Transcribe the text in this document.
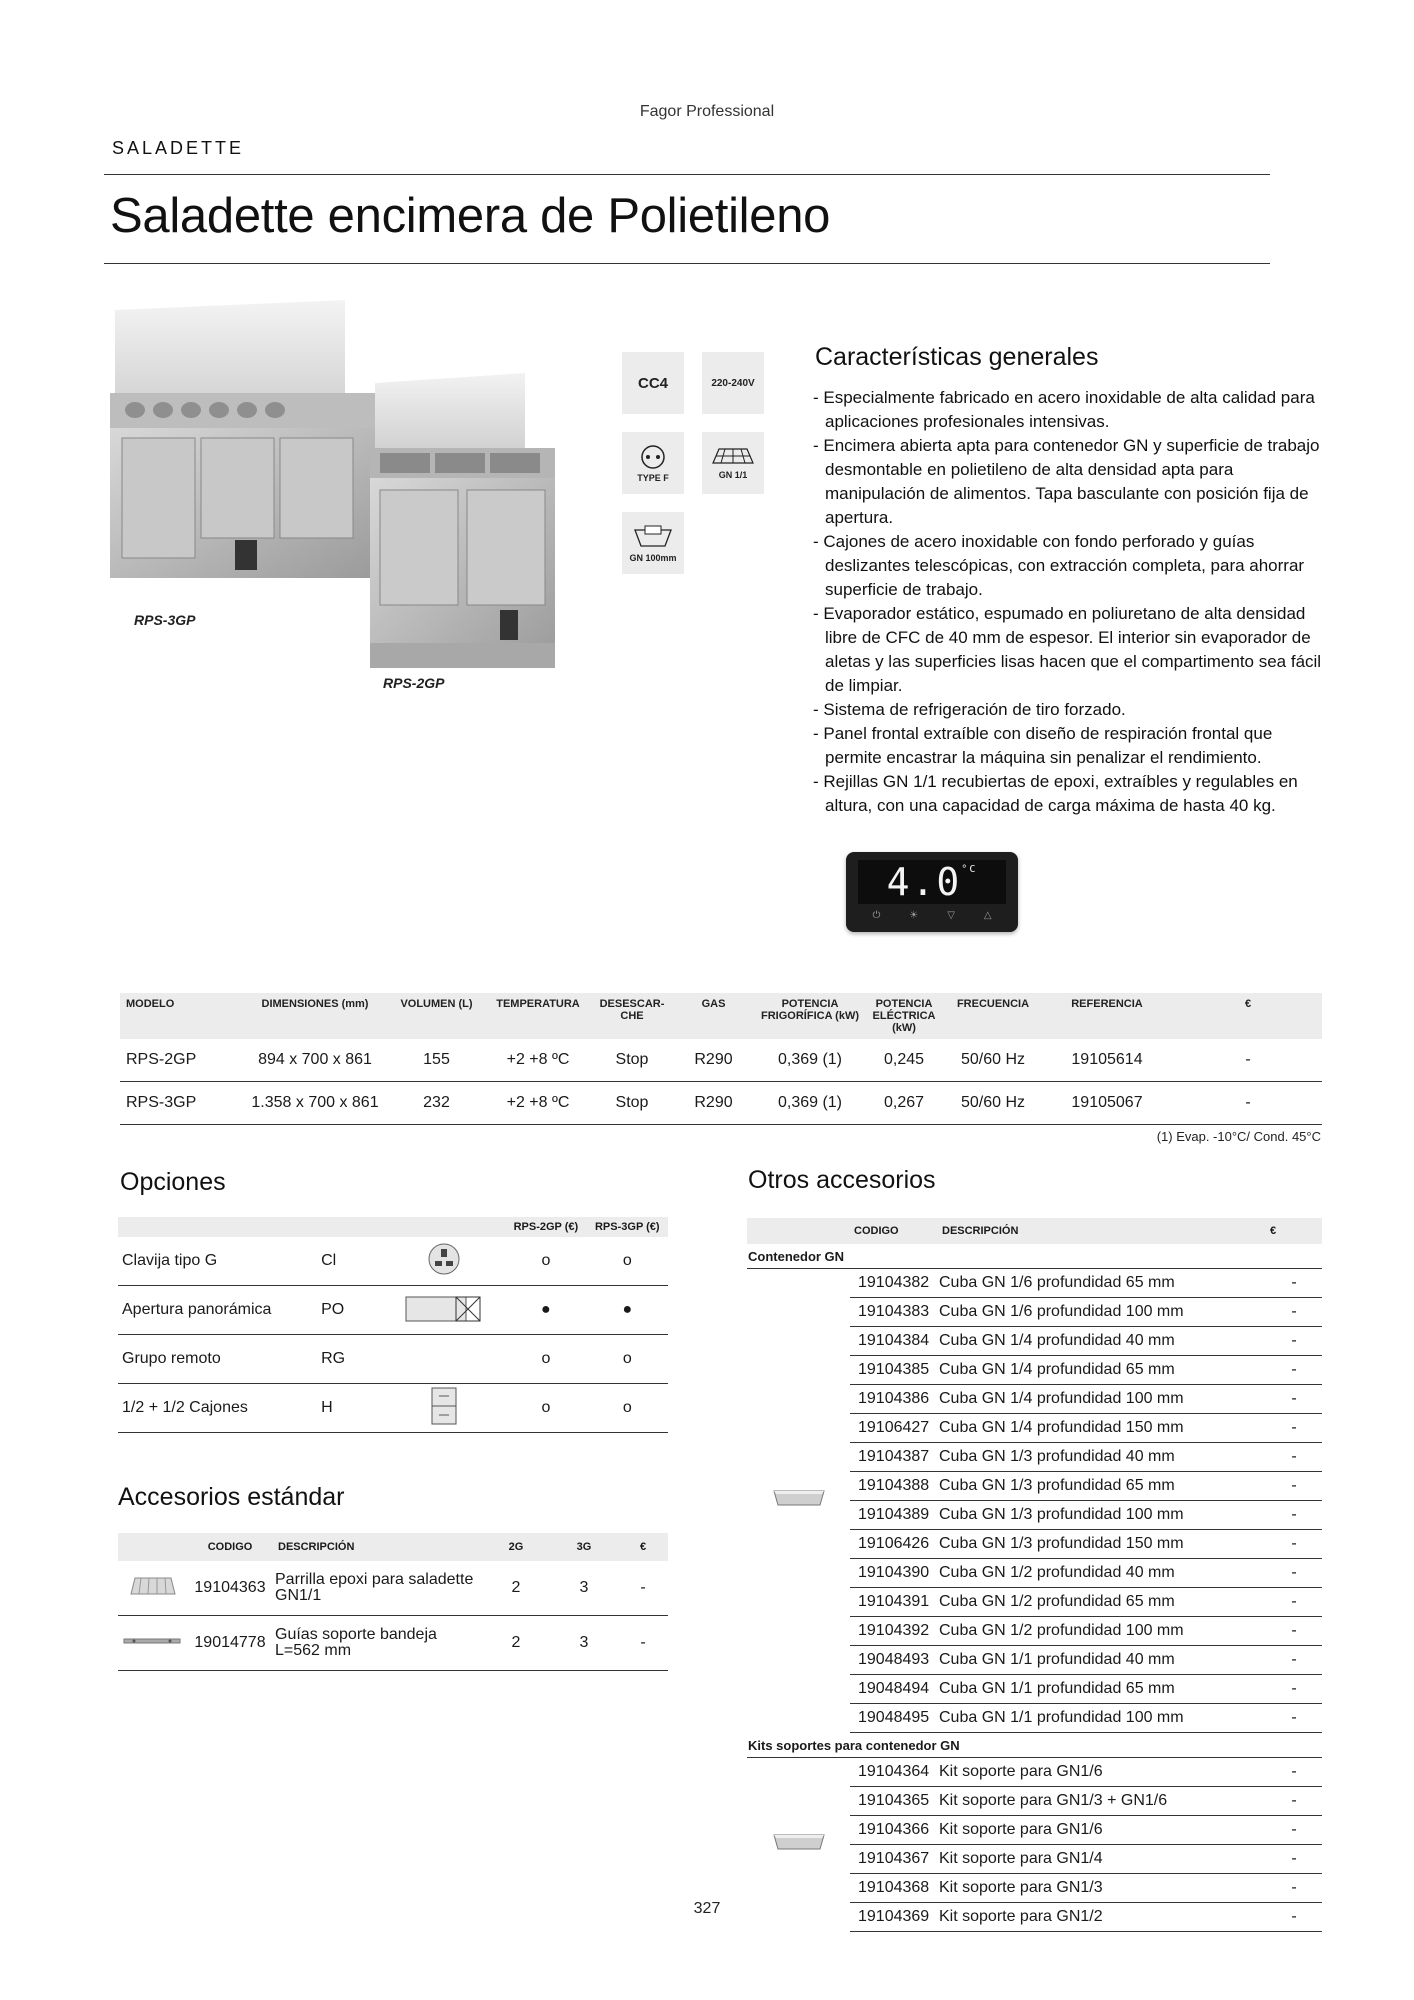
Fagor Professional
SALADETTE
Saladette encimera de Polietileno
RPS-3GP
RPS-2GP
CC4	220-240V
TYPE F	GN 1/1
GN 100mm
Características generales
- Especialmente fabricado en acero inoxidable de alta calidad para aplicaciones profesionales intensivas.
- Encimera abierta apta para contenedor GN y superficie de trabajo desmontable en polietileno de alta densidad apta para manipulación de alimentos. Tapa basculante con posición fija de apertura.
- Cajones de acero inoxidable con fondo perforado y guías deslizantes telescópicas, con extracción completa, para ahorrar superficie de trabajo.
- Evaporador estático, espumado en poliuretano de alta densidad libre de CFC de 40 mm de espesor. El interior sin evaporador de aletas y las superficies lisas hacen que el compartimento sea fácil de limpiar.
- Sistema de refrigeración de tiro forzado.
- Panel frontal extraíble con diseño de respiración frontal que permite encastrar la máquina sin penalizar el rendimiento.
- Rejillas GN 1/1 recubiertas de epoxi, extraíbles y regulables en altura, con una capacidad de carga máxima de hasta 40 kg.
$4.0^{^\circ C}$
⏻	☀	▽	△
MODELO	DIMENSIONES (mm)	VOLUMEN (L)	TEMPERATURA	DESESCAR-CHE	GAS	POTENCIA FRIGORÍFICA (kW)	POTENCIA ELÉCTRICA (kW)	FRECUENCIA	REFERENCIA	€
RPS-2GP	894 x 700 x 861	155	+2 +8 ºC	Stop	R290	0,369 (1)	0,245	50/60 Hz	19105614	-
RPS-3GP	1.358 x 700 x 861	232	+2 +8 ºC	Stop	R290	0,369 (1)	0,267	50/60 Hz	19105067	-
(1) Evap. -10°C/ Cond. 45°C
Opciones
			RPS-2GP (€)	RPS-3GP (€)
Clavija tipo G	Cl		o	o
Apertura panorámica	PO		●	●
Grupo remoto	RG		o	o
1/2 + 1/2 Cajones	H		o	o
Accesorios estándar
	CODIGO	DESCRIPCIÓN	2G	3G	€
	19104363	Parrilla epoxi para saladette GN1/1	2	3	-
	19014778	Guías soporte bandeja L=562 mm	2	3	-
Otros accesorios
	CODIGO	DESCRIPCIÓN	€
Contenedor GN			
	19104382	Cuba GN 1/6 profundidad 65 mm	-
	19104383	Cuba GN 1/6 profundidad 100 mm	-
	19104384	Cuba GN 1/4 profundidad 40 mm	-
	19104385	Cuba GN 1/4 profundidad 65 mm	-
	19104386	Cuba GN 1/4 profundidad 100 mm	-
	19106427	Cuba GN 1/4 profundidad 150 mm	-
	19104387	Cuba GN 1/3 profundidad 40 mm	-
	19104388	Cuba GN 1/3 profundidad 65 mm	-
	19104389	Cuba GN 1/3 profundidad 100 mm	-
	19106426	Cuba GN 1/3 profundidad 150 mm	-
	19104390	Cuba GN 1/2 profundidad 40 mm	-
	19104391	Cuba GN 1/2 profundidad 65 mm	-
	19104392	Cuba GN 1/2 profundidad 100 mm	-
	19048493	Cuba GN 1/1 profundidad 40 mm	-
	19048494	Cuba GN 1/1 profundidad 65 mm	-
	19048495	Cuba GN 1/1 profundidad 100 mm	-
Kits soportes para contenedor GN			
	19104364	Kit soporte para GN1/6	-
	19104365	Kit soporte para GN1/3 + GN1/6	-
	19104366	Kit soporte para GN1/6	-
	19104367	Kit soporte para GN1/4	-
	19104368	Kit soporte para GN1/3	-
	19104369	Kit soporte para GN1/2	-
327
